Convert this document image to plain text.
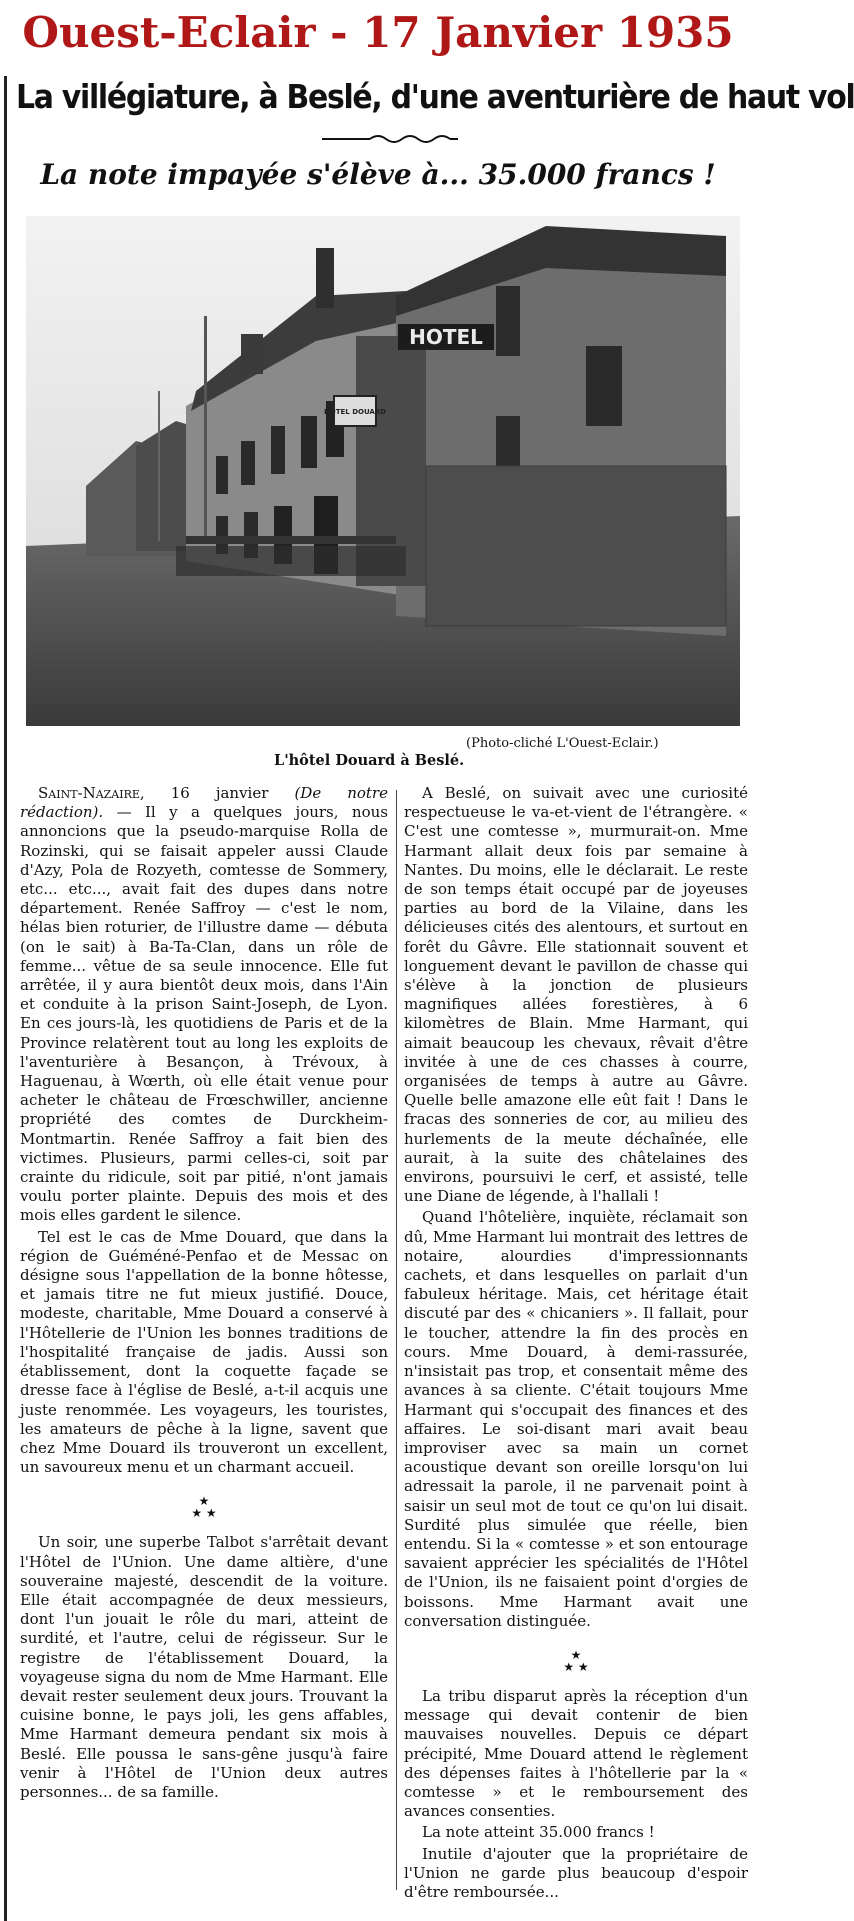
Ouest-Eclair - 17 Janvier 1935
La villégiature, à Beslé, d'une aventurière de haut vol
La note impayée s'élève à... 35.000 francs !
HOTEL
HÔTEL DOUARD
(Photo-cliché L'Ouest-Eclair.)
L'hôtel Douard à Beslé.

Saint-Nazaire, 16 janvier (De notre rédaction). — Il y a quelques jours, nous annoncions que la pseudo-marquise Rolla de Rozinski, qui se faisait appeler aussi Claude d'Azy, Pola de Rozyeth, comtesse de Sommery, etc... etc..., avait fait des dupes dans notre département. Renée Saffroy — c'est le nom, hélas bien roturier, de l'illustre dame — débuta (on le sait) à Ba-Ta-Clan, dans un rôle de femme... vêtue de sa seule innocence. Elle fut arrêtée, il y aura bientôt deux mois, dans l'Ain et conduite à la prison Saint-Joseph, de Lyon. En ces jours-là, les quotidiens de Paris et de la Province relatèrent tout au long les exploits de l'aventurière à Besançon, à Trévoux, à Haguenau, à Wœrth, où elle était venue pour acheter le château de Frœschwiller, ancienne propriété des comtes de Durckheim-Montmartin. Renée Saffroy a fait bien des victimes. Plusieurs, parmi celles-ci, soit par crainte du ridicule, soit par pitié, n'ont jamais voulu porter plainte. Depuis des mois et des mois elles gardent le silence.

Tel est le cas de Mme Douard, que dans la région de Guéméné-Penfao et de Messac on désigne sous l'appellation de la bonne hôtesse, et jamais titre ne fut mieux justifié. Douce, modeste, charitable, Mme Douard a conservé à l'Hôtellerie de l'Union les bonnes traditions de l'hospitalité française de jadis. Aussi son établissement, dont la coquette façade se dresse face à l'église de Beslé, a-t-il acquis une juste renommée. Les voyageurs, les touristes, les amateurs de pêche à la ligne, savent que chez Mme Douard ils trouveront un excellent, un savoureux menu et un charmant accueil.

★
★ ★

Un soir, une superbe Talbot s'arrêtait devant l'Hôtel de l'Union. Une dame altière, d'une souveraine majesté, descendit de la voiture. Elle était accompagnée de deux messieurs, dont l'un jouait le rôle du mari, atteint de surdité, et l'autre, celui de régisseur. Sur le registre de l'établissement Douard, la voyageuse signa du nom de Mme Harmant. Elle devait rester seulement deux jours. Trouvant la cuisine bonne, le pays joli, les gens affables, Mme Harmant demeura pendant six mois à Beslé. Elle poussa le sans-gêne jusqu'à faire venir à l'Hôtel de l'Union deux autres personnes... de sa famille.

A Beslé, on suivait avec une curiosité respectueuse le va-et-vient de l'étrangère. « C'est une comtesse », murmurait-on. Mme Harmant allait deux fois par semaine à Nantes. Du moins, elle le déclarait. Le reste de son temps était occupé par de joyeuses parties au bord de la Vilaine, dans les délicieuses cités des alentours, et surtout en forêt du Gâvre. Elle stationnait souvent et longuement devant le pavillon de chasse qui s'élève à la jonction de plusieurs magnifiques allées forestières, à 6 kilomètres de Blain. Mme Harmant, qui aimait beaucoup les chevaux, rêvait d'être invitée à une de ces chasses à courre, organisées de temps à autre au Gâvre. Quelle belle amazone elle eût fait ! Dans le fracas des sonneries de cor, au milieu des hurlements de la meute déchaînée, elle aurait, à la suite des châtelaines des environs, poursuivi le cerf, et assisté, telle une Diane de légende, à l'hallali !

Quand l'hôtelière, inquiète, réclamait son dû, Mme Harmant lui montrait des lettres de notaire, alourdies d'impressionnants cachets, et dans lesquelles on parlait d'un fabuleux héritage. Mais, cet héritage était discuté par des « chicaniers ». Il fallait, pour le toucher, attendre la fin des procès en cours. Mme Douard, à demi-rassurée, n'insistait pas trop, et consentait même des avances à sa cliente. C'était toujours Mme Harmant qui s'occupait des finances et des affaires. Le soi-disant mari avait beau improviser avec sa main un cornet acoustique devant son oreille lorsqu'on lui adressait la parole, il ne parvenait point à saisir un seul mot de tout ce qu'on lui disait. Surdité plus simulée que réelle, bien entendu. Si la « comtesse » et son entourage savaient apprécier les spécialités de l'Hôtel de l'Union, ils ne faisaient point d'orgies de boissons. Mme Harmant avait une conversation distinguée.

★
★ ★

La tribu disparut après la réception d'un message qui devait contenir de bien mauvaises nouvelles. Depuis ce départ précipité, Mme Douard attend le règlement des dépenses faites à l'hôtellerie par la « comtesse » et le remboursement des avances consenties.

La note atteint 35.000 francs !

Inutile d'ajouter que la propriétaire de l'Union ne garde plus beaucoup d'espoir d'être remboursée...
